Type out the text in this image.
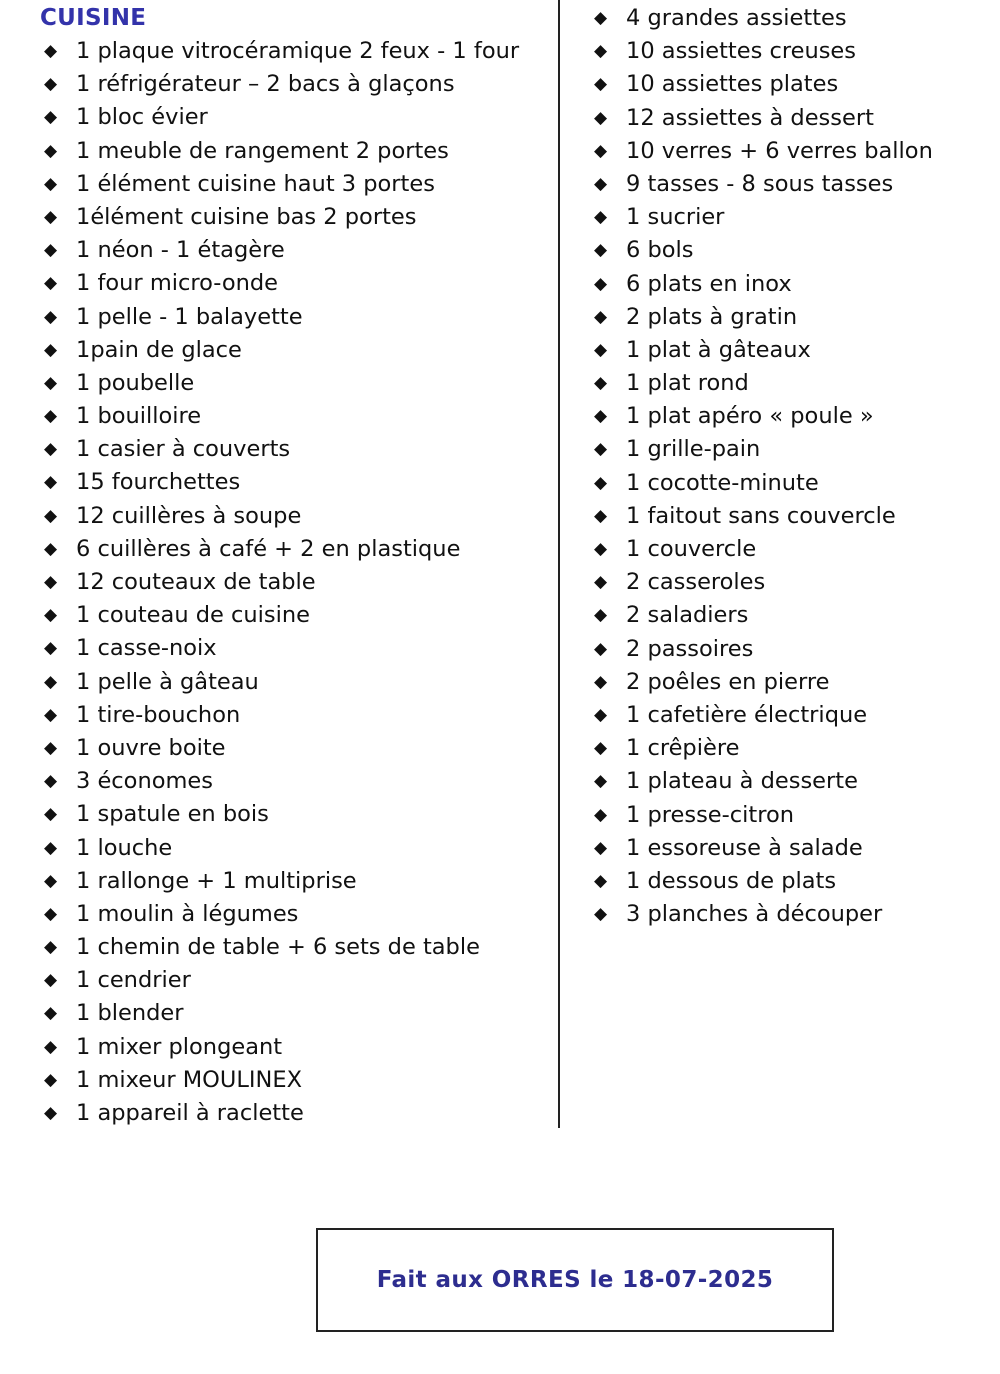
CUISINE
◆ 1 plaque vitrocéramique 2 feux - 1 four
◆ 1 réfrigérateur – 2 bacs à glaçons
◆ 1 bloc évier
◆ 1 meuble de rangement 2 portes
◆ 1 élément cuisine haut 3 portes
◆ 1élément cuisine bas 2 portes
◆ 1 néon - 1 étagère
◆ 1 four micro-onde
◆ 1 pelle - 1 balayette
◆ 1pain de glace
◆ 1 poubelle
◆ 1 bouilloire
◆ 1 casier à couverts
◆ 15 fourchettes
◆ 12 cuillères à soupe
◆ 6 cuillères à café + 2 en plastique
◆ 12 couteaux de table
◆ 1 couteau de cuisine
◆ 1 casse-noix
◆ 1 pelle à gâteau
◆ 1 tire-bouchon
◆ 1 ouvre boite
◆ 3 économes
◆ 1 spatule en bois
◆ 1 louche
◆ 1 rallonge + 1 multiprise
◆ 1 moulin à légumes
◆ 1 chemin de table + 6 sets de table
◆ 1 cendrier
◆ 1 blender
◆ 1 mixer plongeant
◆ 1 mixeur MOULINEX
◆ 1 appareil à raclette
◆ 4 grandes assiettes
◆ 10 assiettes creuses
◆ 10 assiettes plates
◆ 12 assiettes à dessert
◆ 10 verres + 6 verres ballon
◆ 9 tasses - 8 sous tasses
◆ 1 sucrier
◆ 6 bols
◆ 6 plats en inox
◆ 2 plats à gratin
◆ 1 plat à gâteaux
◆ 1 plat rond
◆ 1 plat apéro « poule »
◆ 1 grille-pain
◆ 1 cocotte-minute
◆ 1 faitout sans couvercle
◆ 1 couvercle
◆ 2 casseroles
◆ 2 saladiers
◆ 2 passoires
◆ 2 poêles en pierre
◆ 1 cafetière électrique
◆ 1 crêpière
◆ 1 plateau à desserte
◆ 1 presse-citron
◆ 1 essoreuse à salade
◆ 1 dessous de plats
◆ 3 planches à découper
Fait aux ORRES le 18-07-2025
